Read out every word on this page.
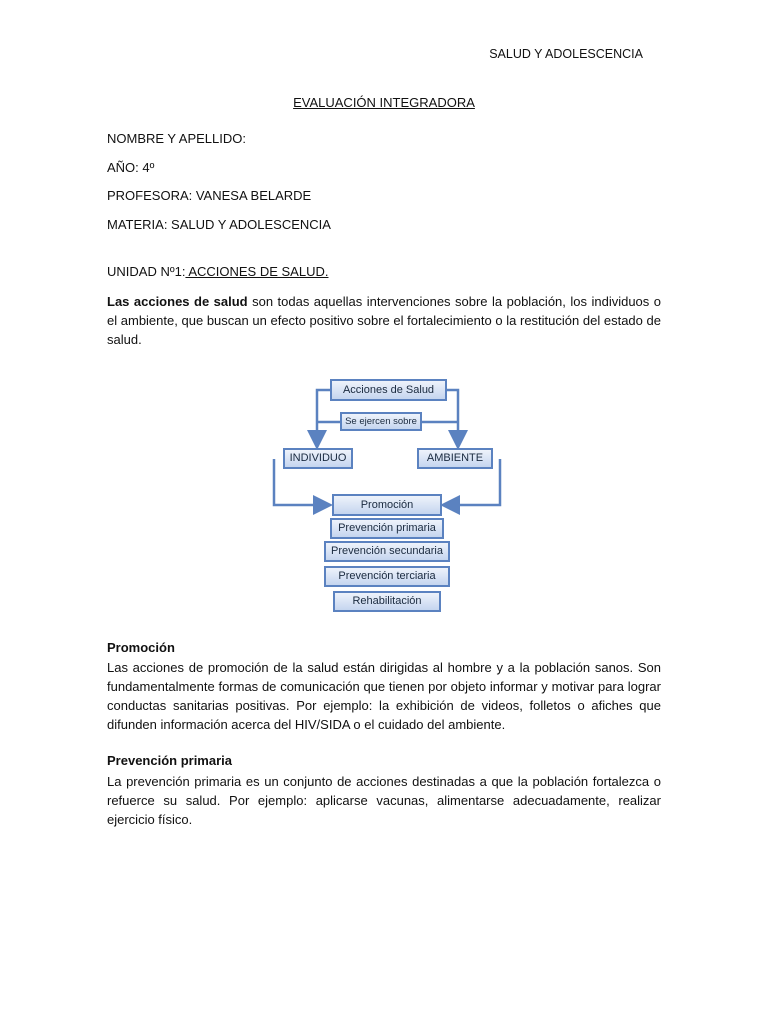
SALUD Y ADOLESCENCIA
EVALUACIÓN INTEGRADORA
NOMBRE Y APELLIDO:
AÑO: 4º
PROFESORA: VANESA BELARDE
MATERIA: SALUD Y ADOLESCENCIA
UNIDAD Nº1: ACCIONES DE SALUD.
Las acciones de salud son todas aquellas intervenciones sobre la población, los individuos o el ambiente, que buscan un efecto positivo sobre el fortalecimiento o la restitución del estado de salud.
Acciones de Salud
Se ejercen sobre
INDIVIDUO	AMBIENTE
Promoción
Prevención primaria
Prevención secundaria
Prevención terciaria
Rehabilitación
Promoción
Las acciones de promoción de la salud están dirigidas al hombre y a la población sanos. Son fundamentalmente formas de comunicación que tienen por objeto informar y motivar para lograr conductas sanitarias positivas. Por ejemplo: la exhibición de videos, folletos o afiches que difunden información acerca del HIV/SIDA o el cuidado del ambiente.
Prevención primaria
La prevención primaria es un conjunto de acciones destinadas a que la población fortalezca o refuerce su salud. Por ejemplo: aplicarse vacunas, alimentarse adecuadamente, realizar ejercicio físico.
